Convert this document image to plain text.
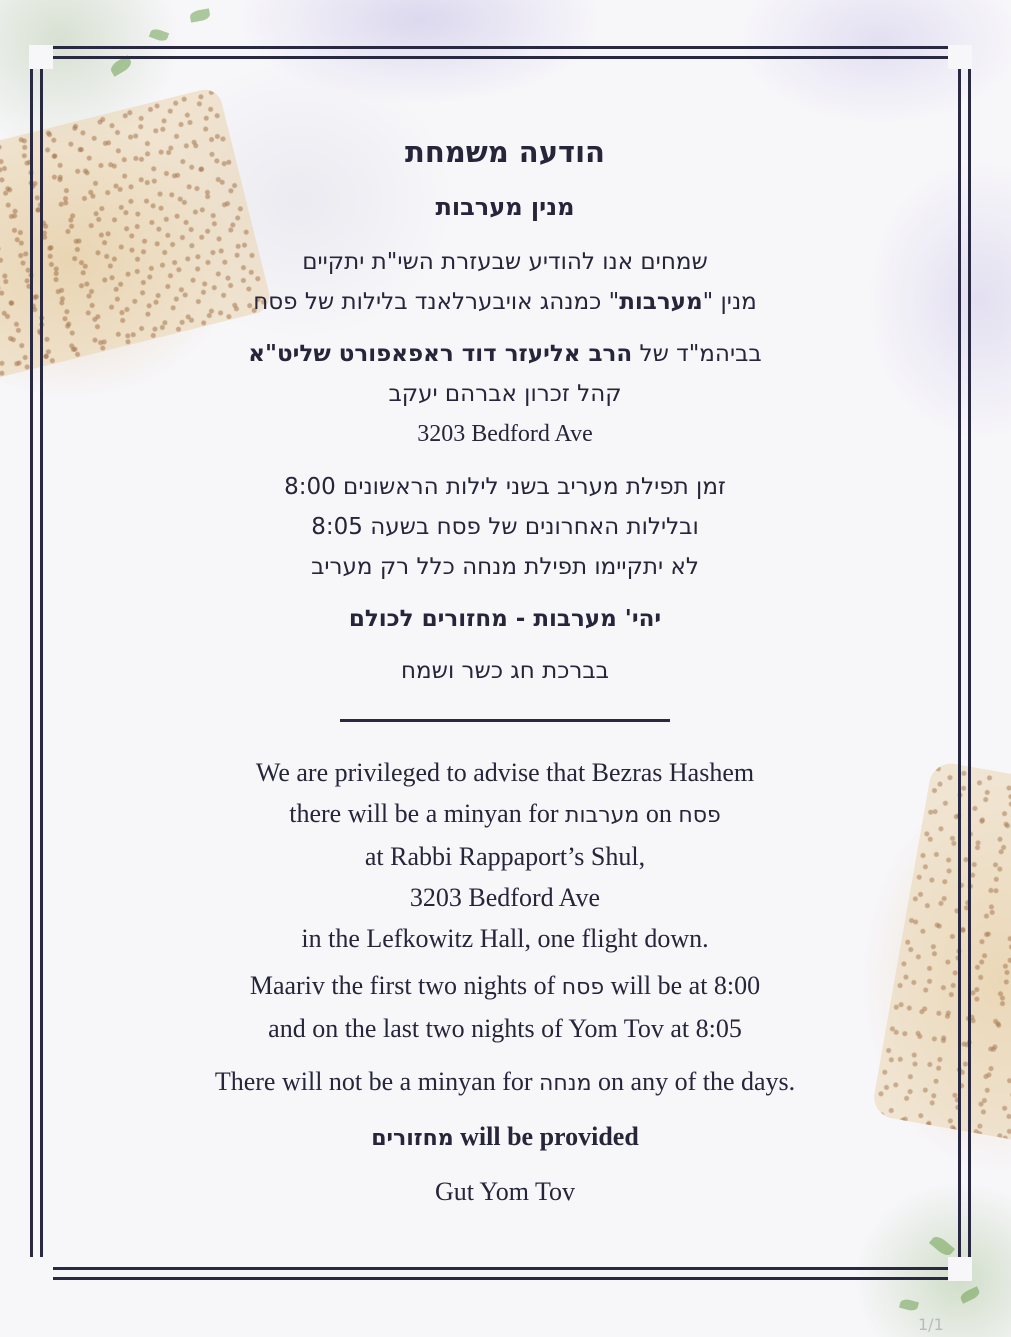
הודעה משמחת
מנין מערבות
שמחים אנו להודיע שבעזרת השי"ת יתקיים
מנין "מערבות" כמנהג אויבערלאנד בלילות של פסח
בביהמ"ד של הרב אליעזר דוד ראפאפורט שליט"א
קהל זכרון אברהם יעקב
3203 Bedford Ave
זמן תפילת מעריב בשני לילות הראשונים 8:00
ובלילות האחרונים של פסח בשעה 8:05
לא יתקיימו תפילת מנחה כלל רק מעריב
יהי' מערבות - מחזורים לכולם
בברכת חג כשר ושמח
We are privileged to advise that Bezras Hashem
there will be a minyan for מערבות on פסח
at Rabbi Rappaport’s Shul,
3203 Bedford Ave
in the Lefkowitz Hall, one flight down.
Maariv the first two nights of פסח will be at 8:00
and on the last two nights of Yom Tov at 8:05
There will not be a minyan for מנחה on any of the days.
מחזורים will be provided
Gut Yom Tov
1/1
